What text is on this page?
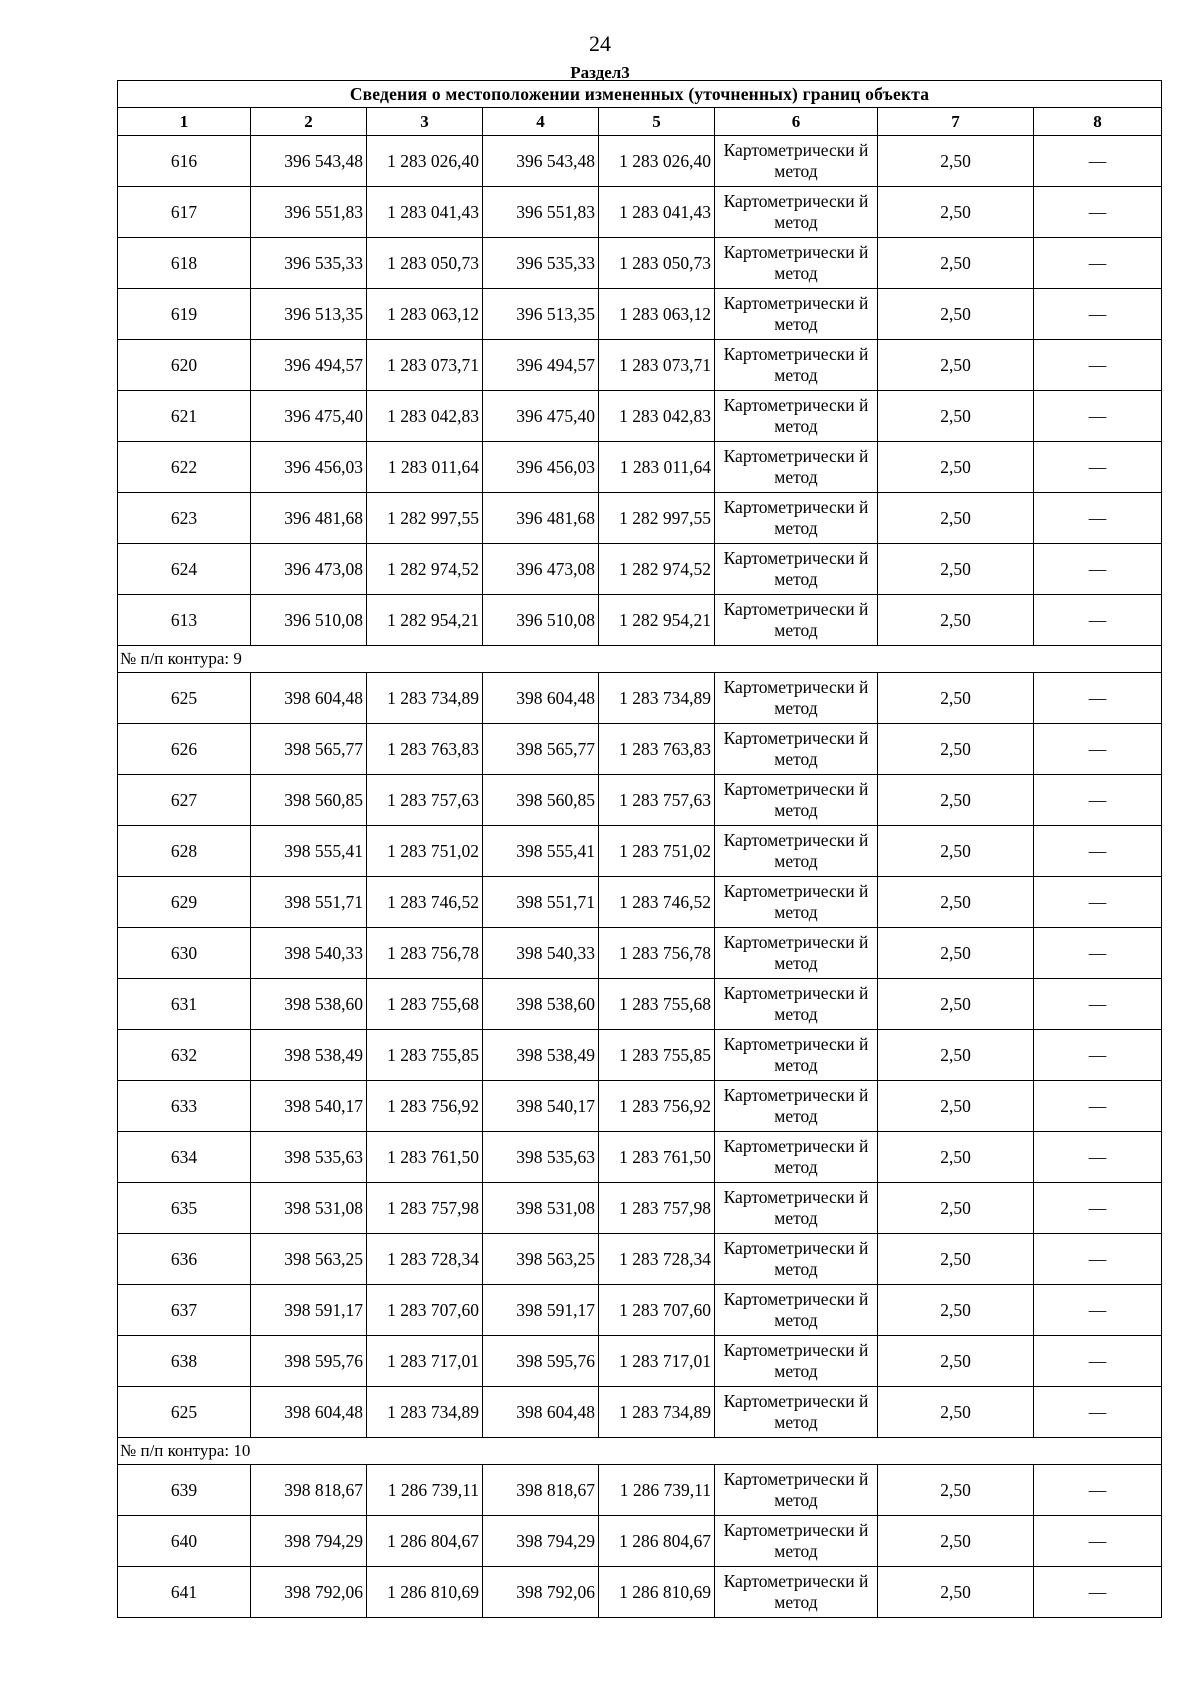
24
Раздел3
Сведения о местоположении измененных (уточненных) границ объекта							
1	2	3	4	5	6	7	8
616	396 543,48	1 283 026,40	396 543,48	1 283 026,40	Картометрически й метод	2,50	—
617	396 551,83	1 283 041,43	396 551,83	1 283 041,43	Картометрически й метод	2,50	—
618	396 535,33	1 283 050,73	396 535,33	1 283 050,73	Картометрически й метод	2,50	—
619	396 513,35	1 283 063,12	396 513,35	1 283 063,12	Картометрически й метод	2,50	—
620	396 494,57	1 283 073,71	396 494,57	1 283 073,71	Картометрически й метод	2,50	—
621	396 475,40	1 283 042,83	396 475,40	1 283 042,83	Картометрически й метод	2,50	—
622	396 456,03	1 283 011,64	396 456,03	1 283 011,64	Картометрически й метод	2,50	—
623	396 481,68	1 282 997,55	396 481,68	1 282 997,55	Картометрически й метод	2,50	—
624	396 473,08	1 282 974,52	396 473,08	1 282 974,52	Картометрически й метод	2,50	—
613	396 510,08	1 282 954,21	396 510,08	1 282 954,21	Картометрически й метод	2,50	—
№ п/п контура: 9							
625	398 604,48	1 283 734,89	398 604,48	1 283 734,89	Картометрически й метод	2,50	—
626	398 565,77	1 283 763,83	398 565,77	1 283 763,83	Картометрически й метод	2,50	—
627	398 560,85	1 283 757,63	398 560,85	1 283 757,63	Картометрически й метод	2,50	—
628	398 555,41	1 283 751,02	398 555,41	1 283 751,02	Картометрически й метод	2,50	—
629	398 551,71	1 283 746,52	398 551,71	1 283 746,52	Картометрически й метод	2,50	—
630	398 540,33	1 283 756,78	398 540,33	1 283 756,78	Картометрически й метод	2,50	—
631	398 538,60	1 283 755,68	398 538,60	1 283 755,68	Картометрически й метод	2,50	—
632	398 538,49	1 283 755,85	398 538,49	1 283 755,85	Картометрически й метод	2,50	—
633	398 540,17	1 283 756,92	398 540,17	1 283 756,92	Картометрически й метод	2,50	—
634	398 535,63	1 283 761,50	398 535,63	1 283 761,50	Картометрически й метод	2,50	—
635	398 531,08	1 283 757,98	398 531,08	1 283 757,98	Картометрически й метод	2,50	—
636	398 563,25	1 283 728,34	398 563,25	1 283 728,34	Картометрически й метод	2,50	—
637	398 591,17	1 283 707,60	398 591,17	1 283 707,60	Картометрически й метод	2,50	—
638	398 595,76	1 283 717,01	398 595,76	1 283 717,01	Картометрически й метод	2,50	—
625	398 604,48	1 283 734,89	398 604,48	1 283 734,89	Картометрически й метод	2,50	—
№ п/п контура: 10							
639	398 818,67	1 286 739,11	398 818,67	1 286 739,11	Картометрически й метод	2,50	—
640	398 794,29	1 286 804,67	398 794,29	1 286 804,67	Картометрически й метод	2,50	—
641	398 792,06	1 286 810,69	398 792,06	1 286 810,69	Картометрически й метод	2,50	—
